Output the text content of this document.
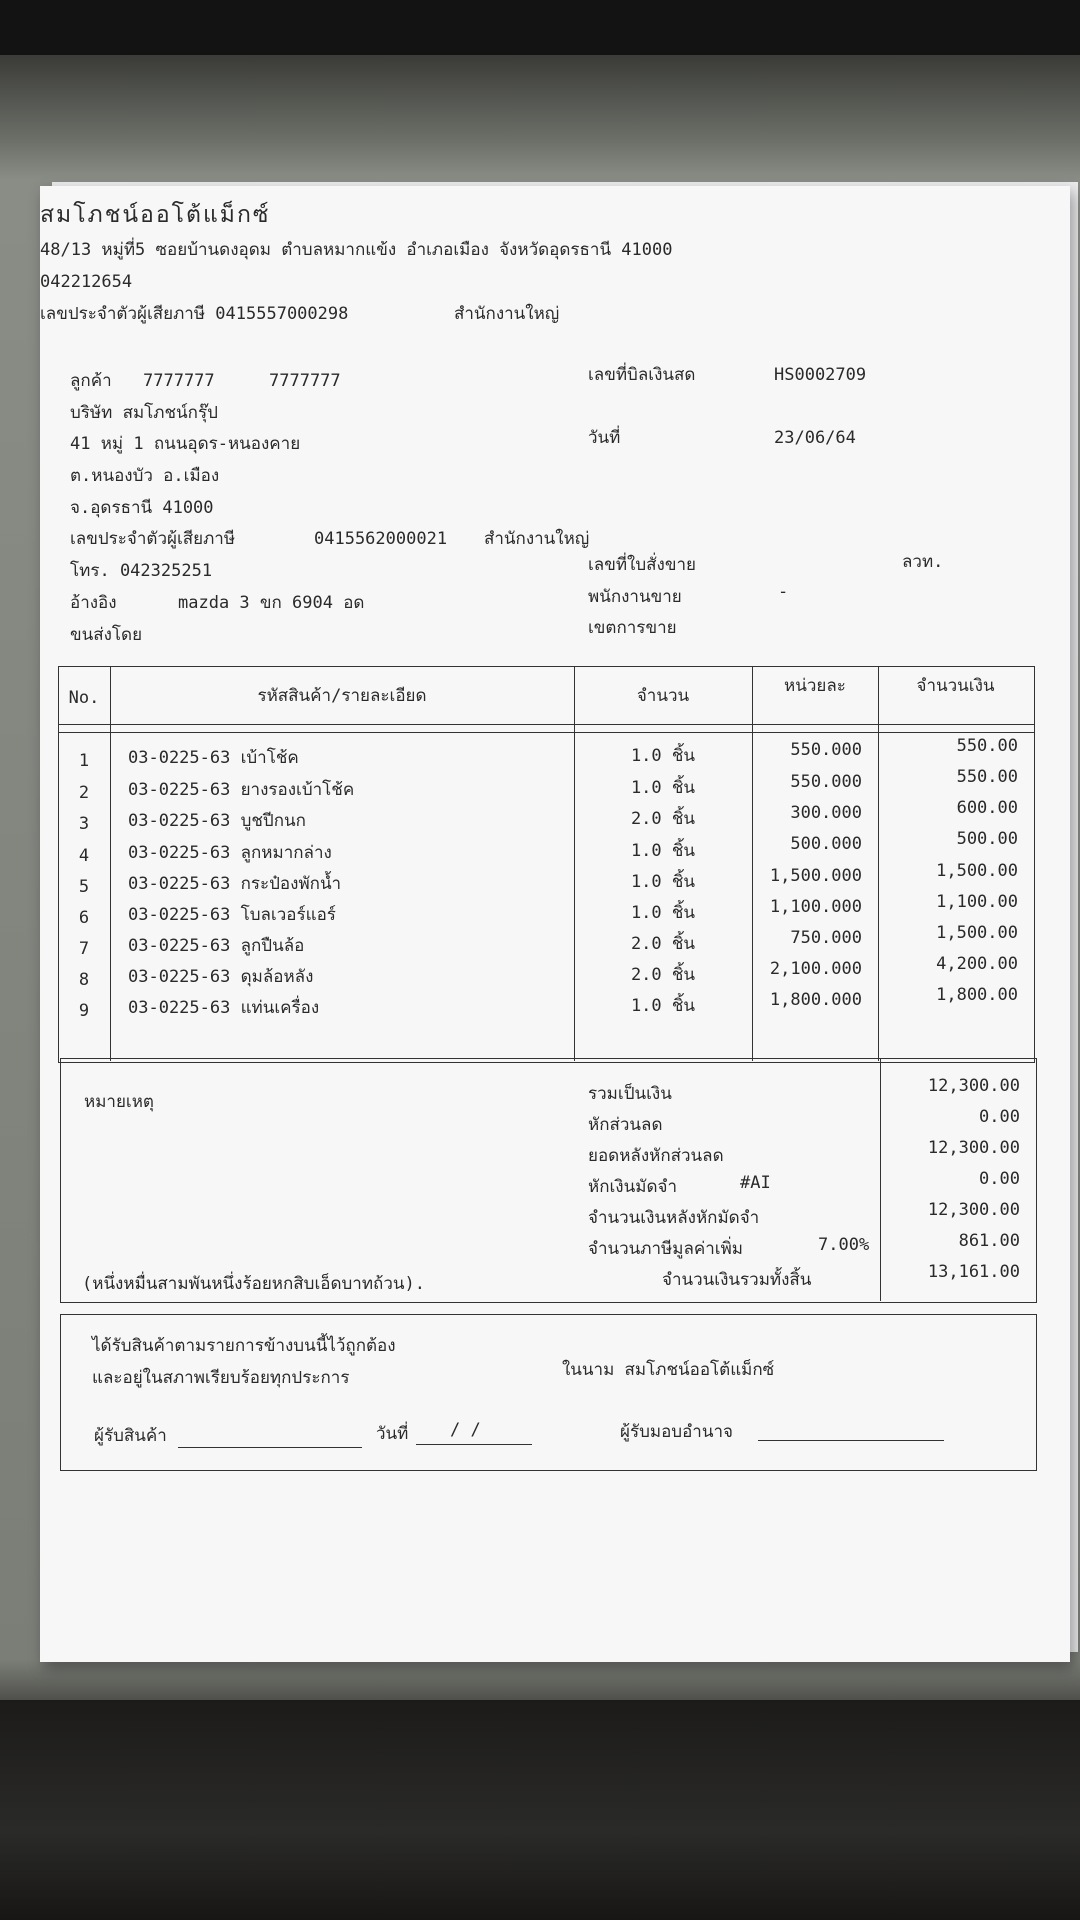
สมโภชน์ออโต้แม็กซ์
48/13 หมู่ที่5 ซอยบ้านดงอุดม ตำบลหมากแข้ง อำเภอเมือง จังหวัดอุดรธานี 41000
042212654
เลขประจำตัวผู้เสียภาษี 0415557000298	สำนักงานใหญ่
ลูกค้า 7777777	7777777
บริษัท สมโภชน์กรุ๊ป
41 หมู่ 1 ถนนอุดร-หนองคาย
ต.หนองบัว อ.เมือง
จ.อุดรธานี 41000
เลขประจำตัวผู้เสียภาษี	0415562000021 สำนักงานใหญ่
โทร. 042325251
อ้างอิง	mazda 3 ขก 6904 อด
ขนส่งโดย
เลขที่บิลเงินสด	HS0002709
วันที่	23/06/64
เลขที่ใบสั่งขาย	ลวท.
พนักงานขาย	-
เขตการขาย
No.	รหัสสินค้า/รายละเอียด	จำนวน	หน่วยละ	จำนวนเงิน
1	03-0225-63 เบ้าโช้ค	1.0 ชิ้น	550.000	550.00
2	03-0225-63 ยางรองเบ้าโช้ค	1.0 ชิ้น	550.000	550.00
3	03-0225-63 บูชปีกนก	2.0 ชิ้น	300.000	600.00
4	03-0225-63 ลูกหมากล่าง	1.0 ชิ้น	500.000	500.00
5	03-0225-63 กระป๋องพักน้ำ	1.0 ชิ้น	1,500.000	1,500.00
6	03-0225-63 โบลเวอร์แอร์	1.0 ชิ้น	1,100.000	1,100.00
7	03-0225-63 ลูกปืนล้อ	2.0 ชิ้น	750.000	1,500.00
8	03-0225-63 ดุมล้อหลัง	2.0 ชิ้น	2,100.000	4,200.00
9	03-0225-63 แท่นเครื่อง	1.0 ชิ้น	1,800.000	1,800.00
หมายเหตุ
(หนึ่งหมื่นสามพันหนึ่งร้อยหกสิบเอ็ดบาทถ้วน).
รวมเป็นเงิน	12,300.00
หักส่วนลด	0.00
ยอดหลังหักส่วนลด	12,300.00
หักเงินมัดจำ	#AI	0.00
จำนวนเงินหลังหักมัดจำ	12,300.00
จำนวนภาษีมูลค่าเพิ่ม	7.00%	861.00
จำนวนเงินรวมทั้งสิ้น	13,161.00
ได้รับสินค้าตามรายการข้างบนนี้ไว้ถูกต้อง
และอยู่ในสภาพเรียบร้อยทุกประการ	ในนาม สมโภชน์ออโต้แม็กซ์
ผู้รับสินค้า	วันที่ / /	ผู้รับมอบอำนาจ
